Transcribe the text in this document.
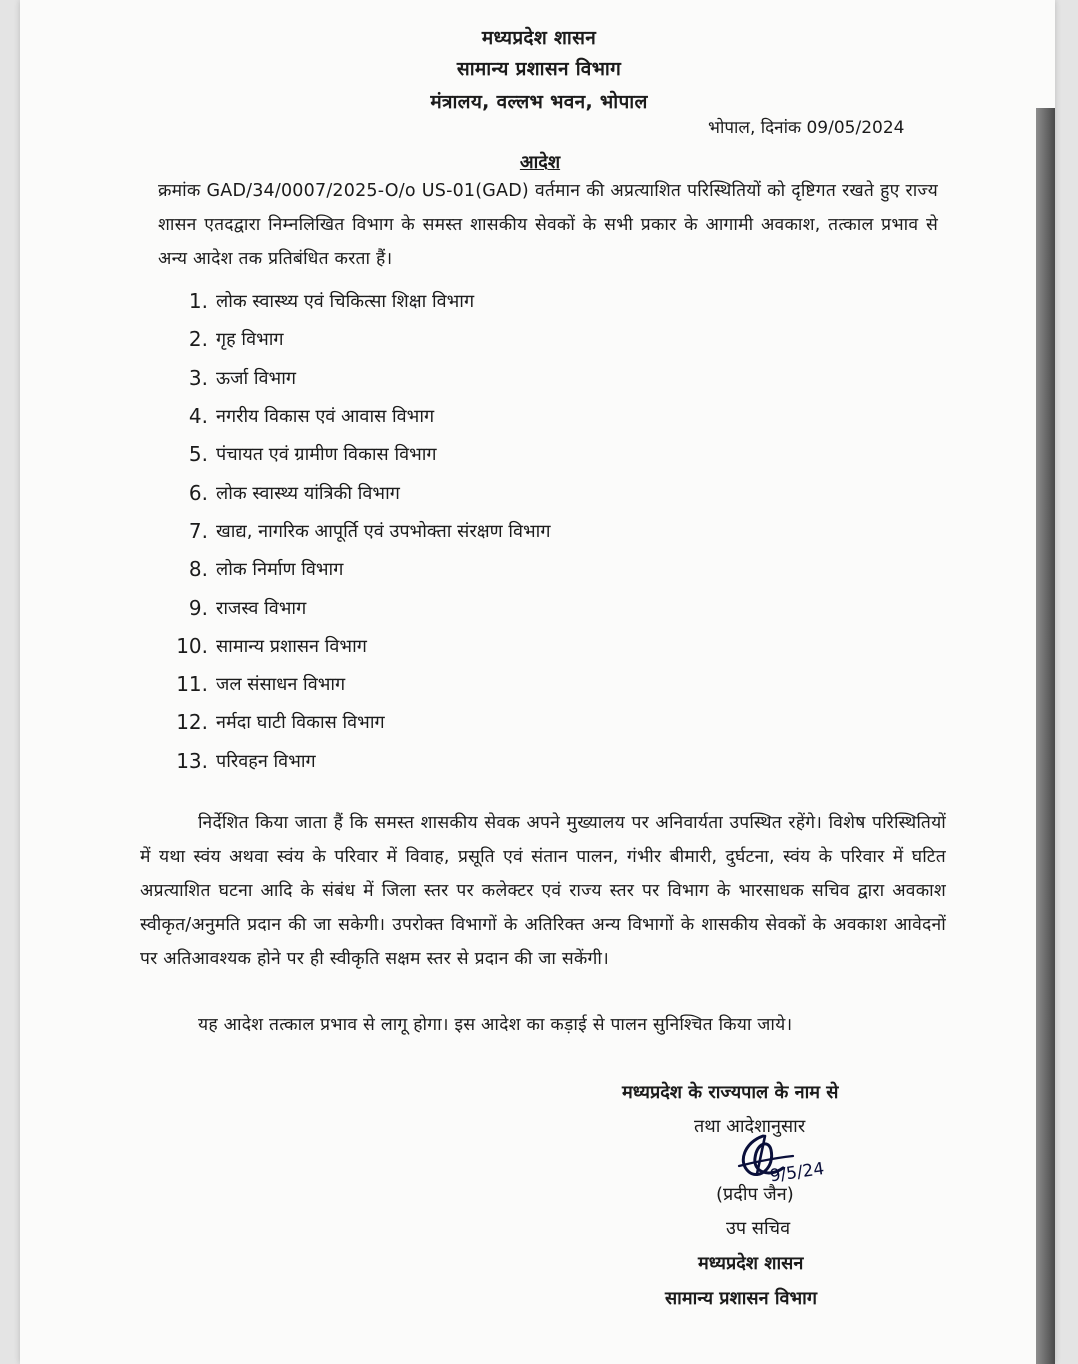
मध्यप्रदेश शासन
सामान्य प्रशासन विभाग
मंत्रालय, वल्लभ भवन, भोपाल
भोपाल, दिनांक 09/05/2024
आदेश
क्रमांक GAD/34/0007/2025-O/o US-01(GAD) वर्तमान की अप्रत्याशित परिस्थितियों को दृष्टिगत रखते हुए राज्य शासन एतदद्वारा निम्नलिखित विभाग के समस्त शासकीय सेवकों के सभी प्रकार के आगामी अवकाश, तत्काल प्रभाव से अन्य आदेश तक प्रतिबंधित करता हैं।
1. लोक स्वास्थ्य एवं चिकित्सा शिक्षा विभाग
2. गृह विभाग
3. ऊर्जा विभाग
4. नगरीय विकास एवं आवास विभाग
5. पंचायत एवं ग्रामीण विकास विभाग
6. लोक स्वास्थ्य यांत्रिकी विभाग
7. खाद्य, नागरिक आपूर्ति एवं उपभोक्ता संरक्षण विभाग
8. लोक निर्माण विभाग
9. राजस्व विभाग
10. सामान्य प्रशासन विभाग
11. जल संसाधन विभाग
12. नर्मदा घाटी विकास विभाग
13. परिवहन विभाग
निर्देशित किया जाता हैं कि समस्त शासकीय सेवक अपने मुख्यालय पर अनिवार्यता उपस्थित रहेंगे। विशेष परिस्थितियों में यथा स्वंय अथवा स्वंय के परिवार में विवाह, प्रसूति एवं संतान पालन, गंभीर बीमारी, दुर्घटना, स्वंय के परिवार में घटित अप्रत्याशित घटना आदि के संबंध में जिला स्तर पर कलेक्टर एवं राज्य स्तर पर विभाग के भारसाधक सचिव द्वारा अवकाश स्वीकृत/अनुमति प्रदान की जा सकेगी। उपरोक्त विभागों के अतिरिक्त अन्य विभागों के शासकीय सेवकों के अवकाश आवेदनों पर अतिआवश्यक होने पर ही स्वीकृति सक्षम स्तर से प्रदान की जा सकेंगी।
यह आदेश तत्काल प्रभाव से लागू होगा। इस आदेश का कड़ाई से पालन सुनिश्चित किया जाये।
मध्यप्रदेश के राज्यपाल के नाम से
तथा आदेशानुसार
9/5/24
(प्रदीप जैन)
उप सचिव
मध्यप्रदेश शासन
सामान्य प्रशासन विभाग
